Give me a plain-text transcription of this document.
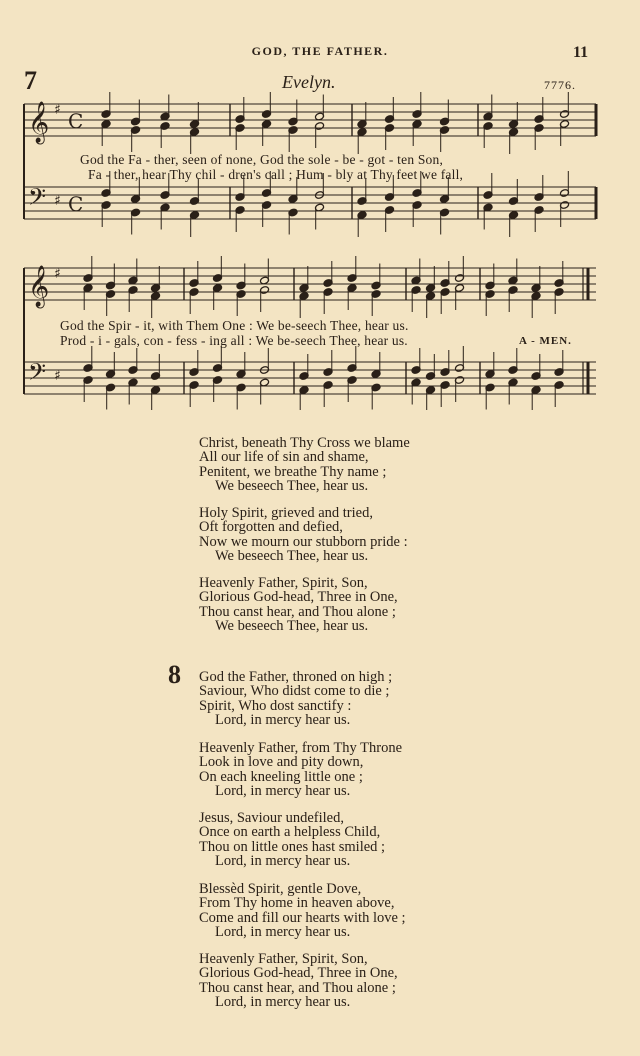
GOD, THE FATHER.	11
7	Evelyn.	7776.
𝄞
𝄢
♯
♯
C
C
𝄞
𝄢
♯
♯
God the Fa - ther, seen of none, God the sole - be - got - ten Son,
Fa - ther, hear Thy chil - dren's call ; Hum - bly at Thy feet we fall,
God the Spir - it, with Them One : We be-seech Thee, hear us.
Prod - i - gals, con - fess - ing all : We be-seech Thee, hear us.	A - MEN.
Christ, beneath Thy Cross we blame
All our life of sin and shame,
Penitent, we breathe Thy name ;
We beseech Thee, hear us.
Holy Spirit, grieved and tried,
Oft forgotten and defied,
Now we mourn our stubborn pride :
We beseech Thee, hear us.
Heavenly Father, Spirit, Son,
Glorious God-head, Three in One,
Thou canst hear, and Thou alone ;
We beseech Thee, hear us.
8 God the Father, throned on high ;
Saviour, Who didst come to die ;
Spirit, Who dost sanctify :
Lord, in mercy hear us.
Heavenly Father, from Thy Throne
Look in love and pity down,
On each kneeling little one ;
Lord, in mercy hear us.
Jesus, Saviour undefiled,
Once on earth a helpless Child,
Thou on little ones hast smiled ;
Lord, in mercy hear us.
Blessèd Spirit, gentle Dove,
From Thy home in heaven above,
Come and fill our hearts with love ;
Lord, in mercy hear us.
Heavenly Father, Spirit, Son,
Glorious God-head, Three in One,
Thou canst hear, and Thou alone ;
Lord, in mercy hear us.
